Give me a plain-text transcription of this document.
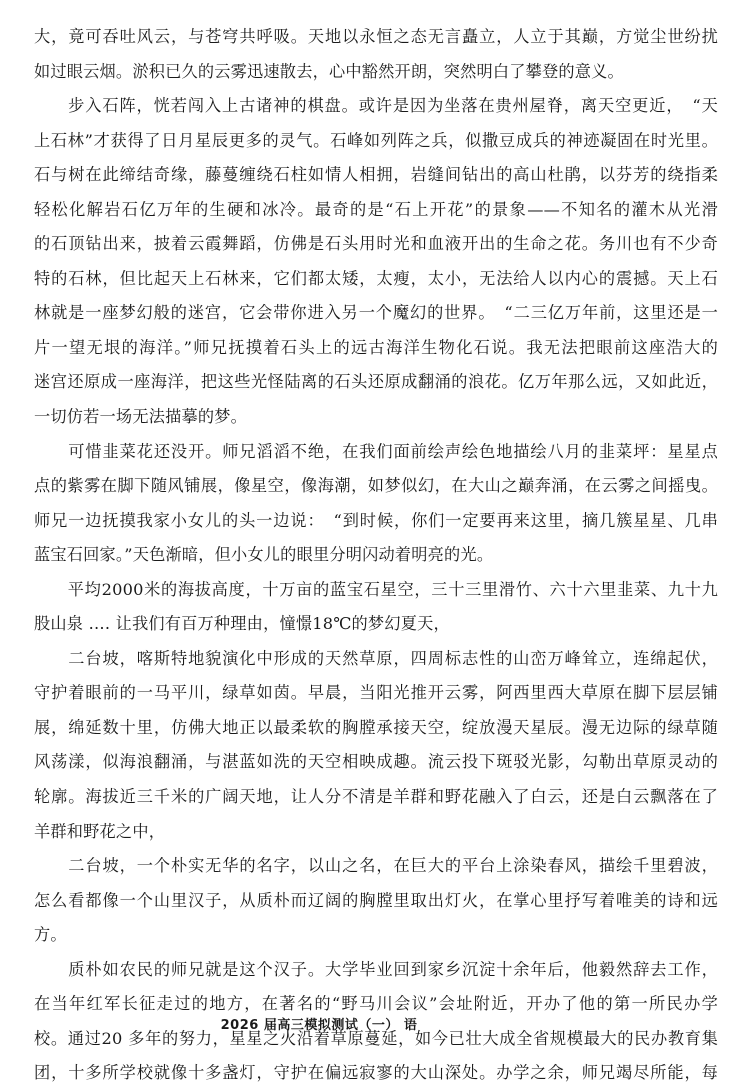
大，竟可吞吐风云，与苍穹共呼吸。天地以永恒之态无言矗立，人立于其巅，方觉尘世纷扰
如过眼云烟。淤积已久的云雾迅速散去，心中豁然开朗，突然明白了攀登的意义。
　　步入石阵，恍若闯入上古诸神的棋盘。或许是因为坐落在贵州屋脊，离天空更近，　“天
上石林”才获得了日月星辰更多的灵气。石峰如列阵之兵，似撒豆成兵的神迹凝固在时光里。
石与树在此缔结奇缘，藤蔓缠绕石柱如情人相拥，岩缝间钻出的高山杜鹃，以芬芳的绕指柔
轻松化解岩石亿万年的生硬和冰冷。最奇的是“石上开花”的景象——不知名的灌木从光滑
的石顶钻出来，披着云霞舞蹈，仿佛是石头用时光和血液开出的生命之花。务川也有不少奇
特的石林，但比起天上石林来，它们都太矮，太瘦，太小，无法给人以内心的震撼。天上石
林就是一座梦幻般的迷宫，它会带你进入另一个魔幻的世界。　“二三亿万年前，这里还是一
片一望无垠的海洋。”师兄抚摸着石头上的远古海洋生物化石说。我无法把眼前这座浩大的
迷宫还原成一座海洋，把这些光怪陆离的石头还原成翻涌的浪花。亿万年那么远，又如此近，
一切仿若一场无法描摹的梦。
　　可惜韭菜花还没开。师兄滔滔不绝，在我们面前绘声绘色地描绘八月的韭菜坪：星星点
点的紫雾在脚下随风铺展，像星空，像海潮，如梦似幻，在大山之巅奔涌，在云雾之间摇曳。
师兄一边抚摸我家小女儿的头一边说：　“到时候，你们一定要再来这里，摘几簇星星、几串
蓝宝石回家。”天色渐暗，但小女儿的眼里分明闪动着明亮的光。
　　平均2000米的海拔高度，十万亩的蓝宝石星空，三十三里滑竹、六十六里韭菜、九十九
股山泉 …. 让我们有百万种理由，憧憬18℃的梦幻夏天，
　　二台坡，喀斯特地貌演化中形成的天然草原，四周标志性的山峦万峰耸立，连绵起伏，
守护着眼前的一马平川，绿草如茵。早晨，当阳光推开云雾，阿西里西大草原在脚下层层铺
展，绵延数十里，仿佛大地正以最柔软的胸膛承接天空，绽放漫天星辰。漫无边际的绿草随
风荡漾，似海浪翻涌，与湛蓝如洗的天空相映成趣。流云投下斑驳光影，勾勒出草原灵动的
轮廓。海拔近三千米的广阔天地，让人分不清是羊群和野花融入了白云，还是白云飘落在了
羊群和野花之中，
　　二台坡，一个朴实无华的名字，以山之名，在巨大的平台上涂染春风，描绘千里碧波，
怎么看都像一个山里汉子，从质朴而辽阔的胸膛里取出灯火，在掌心里抒写着唯美的诗和远
方。
　　质朴如农民的师兄就是这个汉子。大学毕业回到家乡沉淀十余年后，他毅然辞去工作，
在当年红军长征走过的地方，在著名的“野马川会议”会址附近，开办了他的第一所民办学
校。通过20 多年的努力，星星之火沿着草原蔓延，如今已壮大成全省规模最大的民办教育集
团，十多所学校就像十多盏灯，守护在偏远寂寥的大山深处。办学之余，师兄竭尽所能，每
2026 届高三模拟测试（一） 语
